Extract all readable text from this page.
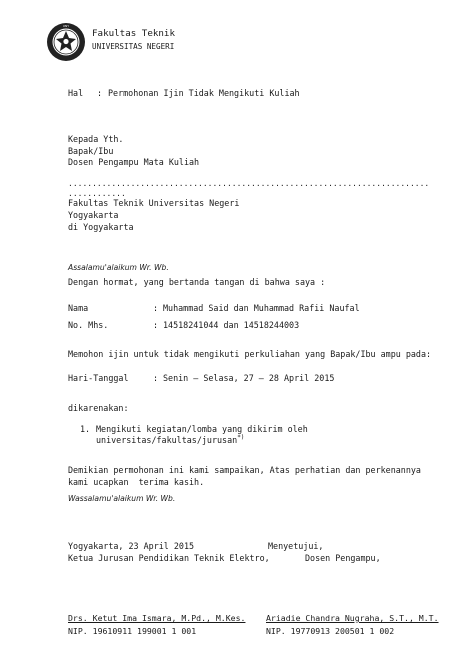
UNY
Fakultas Teknik
UNIVERSITAS NEGERI
Hal : Permohonan Ijin Tidak Mengikuti Kuliah
Kepada Yth.
Bapak/Ibu
Dosen Pengampu Mata Kuliah
...........................................................................
............
Fakultas Teknik Universitas Negeri
Yogyakarta
di Yogyakarta
Assalamu'alaikum Wr. Wb.
Dengan hormat, yang bertanda tangan di bahwa saya :
Nama	: Muhammad Said dan Muhammad Rafii Naufal
No. Mhs.	: 14518241044 dan 14518244003
Memohon ijin untuk tidak mengikuti perkuliahan yang Bapak/Ibu ampu pada:
Hari-Tanggal	: Senin – Selasa, 27 – 28 April 2015
dikarenakan:
1. Mengikuti kegiatan/lomba yang dikirim oleh
universitas/fakultas/jurusan*)
Demikian permohonan ini kami sampaikan, Atas perhatian dan perkenannya
kami ucapkan  terima kasih.
Wassalamu'alaikum Wr. Wb.
Yogyakarta, 23 April 2015	Menyetujui,
Ketua Jurusan Pendidikan Teknik Elektro,	Dosen Pengampu,
Drs. Ketut Ima Ismara, M.Pd., M.Kes.	Ariadie Chandra Nugraha, S.T., M.T.
NIP. 19610911 199001 1 001	NIP. 19770913 200501 1 002
